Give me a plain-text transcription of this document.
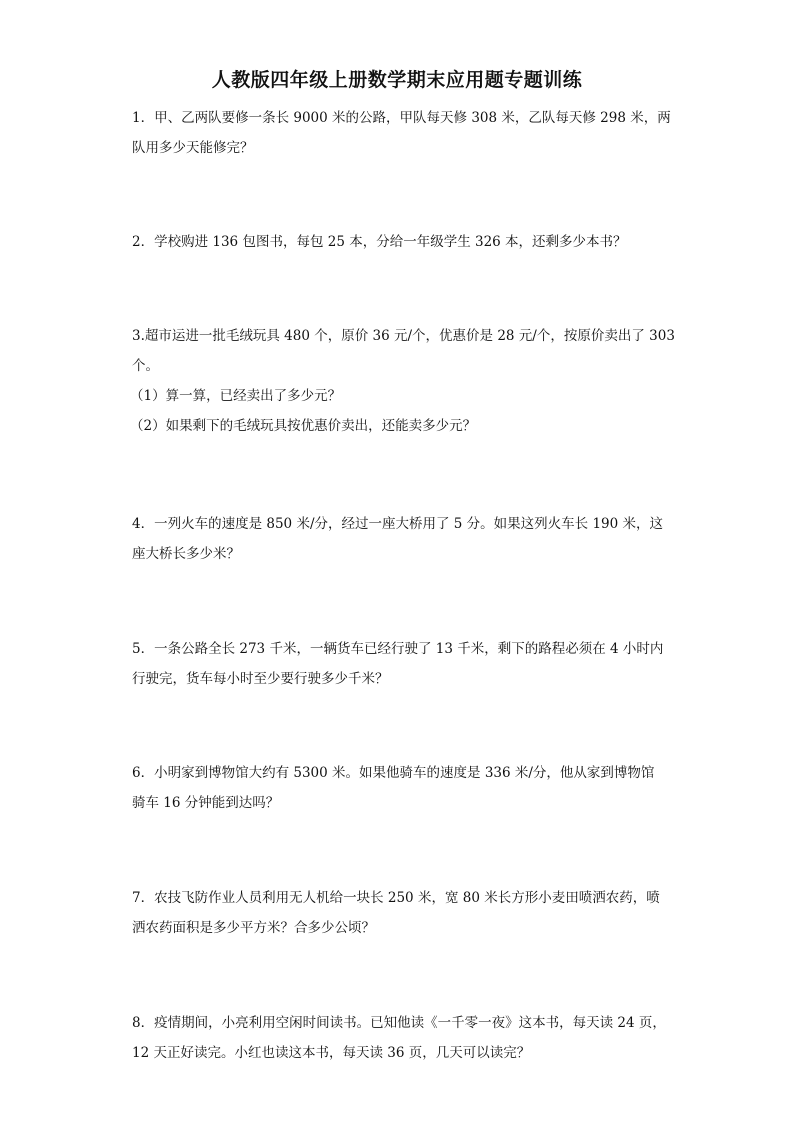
人教版四年级上册数学期末应用题专题训练
1．甲、乙两队要修一条长 9000 米的公路，甲队每天修 308 米，乙队每天修 298 米，两
队用多少天能修完？
2．学校购进 136 包图书，每包 25 本，分给一年级学生 326 本，还剩多少本书？
3.超市运进一批毛绒玩具 480 个，原价 36 元/个，优惠价是 28 元/个，按原价卖出了 303
个。
（1）算一算，已经卖出了多少元？
（2）如果剩下的毛绒玩具按优惠价卖出，还能卖多少元？
4．一列火车的速度是 850 米/分，经过一座大桥用了 5 分。如果这列火车长 190 米，这
座大桥长多少米？
5．一条公路全长 273 千米，一辆货车已经行驶了 13 千米，剩下的路程必须在 4 小时内
行驶完，货车每小时至少要行驶多少千米？
6．小明家到博物馆大约有 5300 米。如果他骑车的速度是 336 米/分，他从家到博物馆
骑车 16 分钟能到达吗？
7．农技飞防作业人员利用无人机给一块长 250 米，宽 80 米长方形小麦田喷洒农药，喷
洒农药面积是多少平方米？合多少公顷？
8．疫情期间，小亮利用空闲时间读书。已知他读《一千零一夜》这本书，每天读 24 页，
12 天正好读完。小红也读这本书，每天读 36 页，几天可以读完？
